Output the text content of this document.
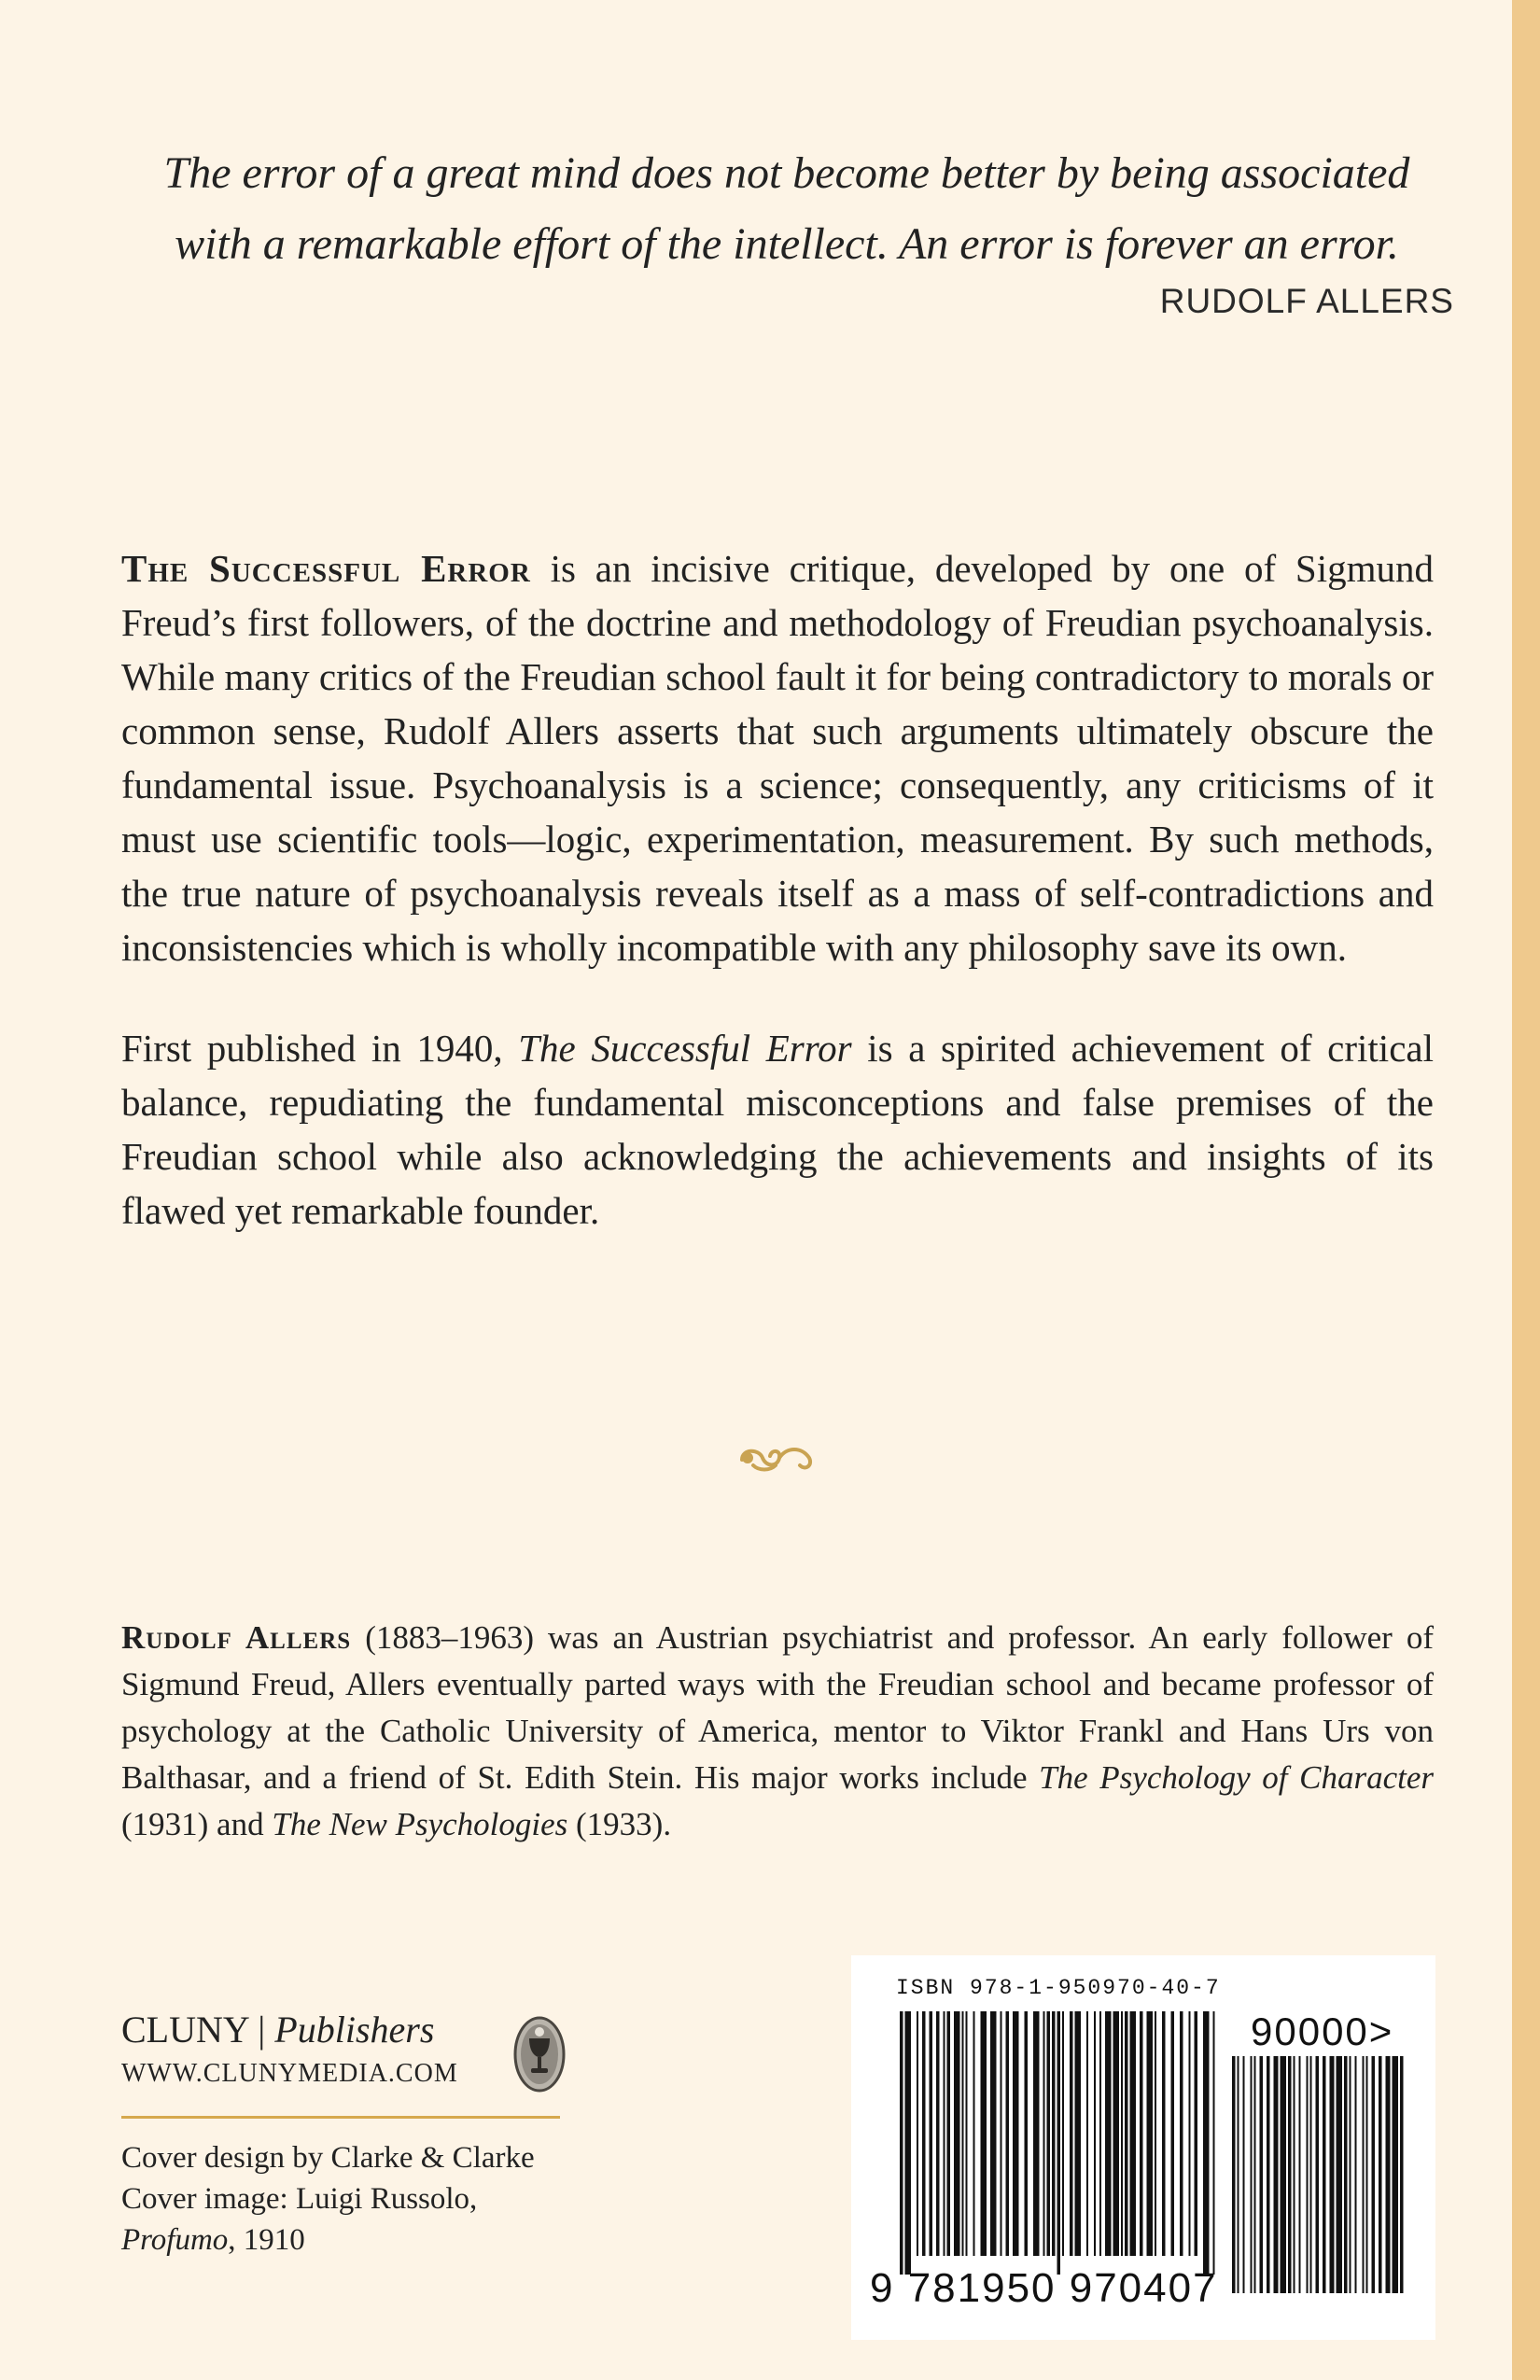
The error of a great mind does not become better by being associated
with a remarkable effort of the intellect. An error is forever an error.
RUDOLF ALLERS

The Successful Error is an incisive critique, developed by one of Sigmund Freud’s first followers, of the doctrine and methodology of Freudian psychoanalysis. While many critics of the Freudian school fault it for being contradictory to morals or common sense, Rudolf Allers asserts that such arguments ultimately obscure the fundamental issue. Psychoanalysis is a science; consequently, any criticisms of it must use scientific tools—logic, experimentation, measurement. By such methods, the true nature of psychoanalysis reveals itself as a mass of self-contradictions and inconsistencies which is wholly incompatible with any philosophy save its own.

First published in 1940, The Successful Error is a spirited achievement of critical balance, repudiating the fundamental misconceptions and false premises of the Freudian school while also acknowledging the achievements and insights of its flawed yet remarkable founder.

Rudolf Allers (1883–1963) was an Austrian psychiatrist and professor. An early follower of Sigmund Freud, Allers eventually parted ways with the Freudian school and became professor of psychology at the Catholic University of America, mentor to Viktor Frankl and Hans Urs von Balthasar, and a friend of St. Edith Stein. His major works include The Psychology of Character (1931) and The New Psychologies (1933).
CLUNY | Publishers
WWW.CLUNYMEDIA.COM
Cover design by Clarke & Clarke
Cover image: Luigi Russolo,
Profumo, 1910
ISBN 978-1-950970-40-7
90000>
9 781950 970407
